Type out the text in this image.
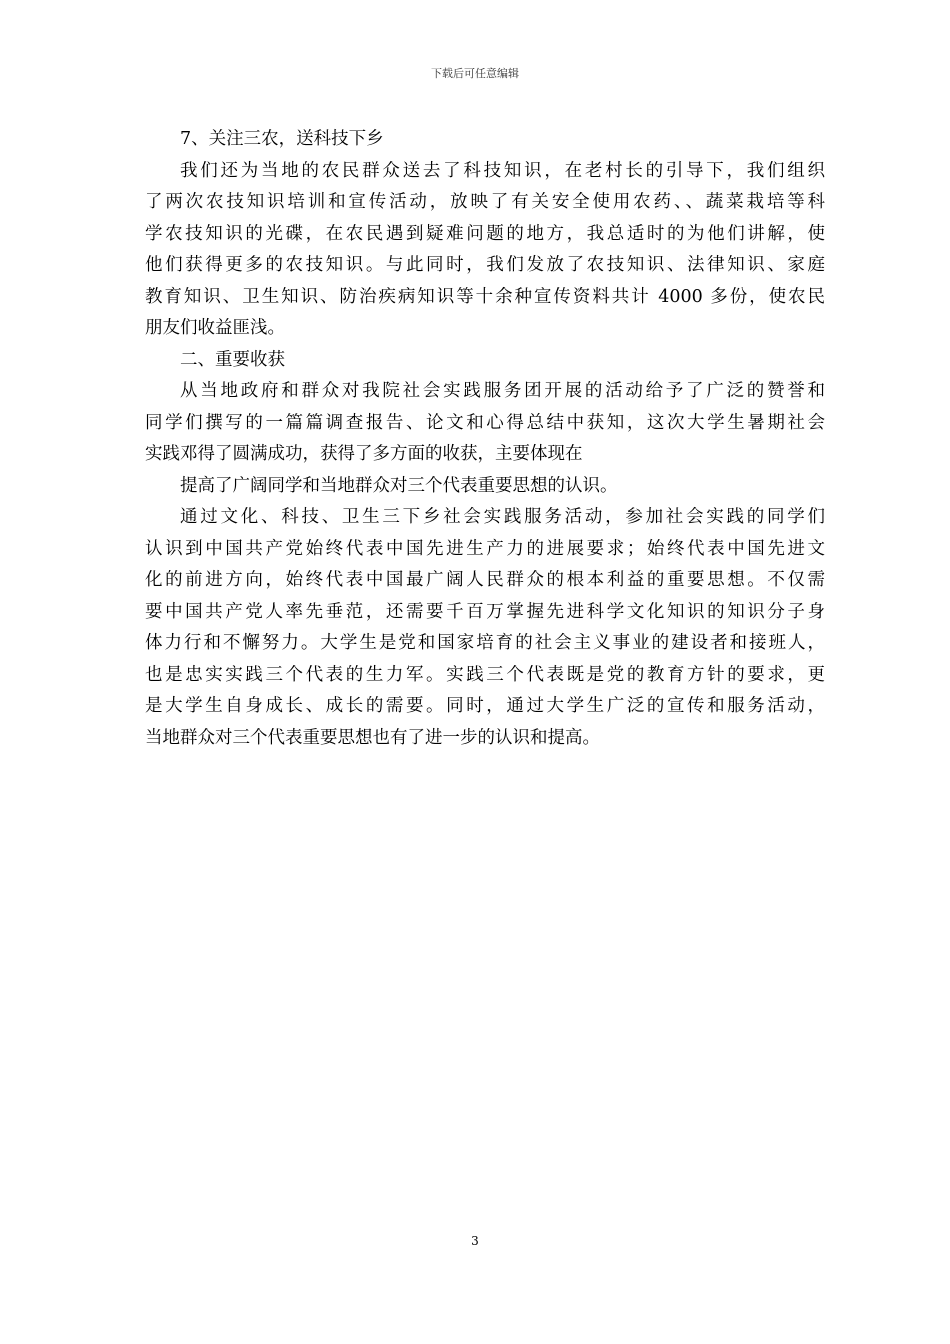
下载后可任意编辑
7、关注三农，送科技下乡
我们还为当地的农民群众送去了科技知识，在老村长的引导下，我们组织
了两次农技知识培训和宣传活动，放映了有关安全使用农药、、蔬菜栽培等科
学农技知识的光碟，在农民遇到疑难问题的地方，我总适时的为他们讲解，使
他们获得更多的农技知识。与此同时，我们发放了农技知识、法律知识、家庭
教育知识、卫生知识、防治疾病知识等十余种宣传资料共计 4000 多份，使农民
朋友们收益匪浅。
二、重要收获
从当地政府和群众对我院社会实践服务团开展的活动给予了广泛的赞誉和
同学们撰写的一篇篇调查报告、论文和心得总结中获知，这次大学生暑期社会
实践邓得了圆满成功，获得了多方面的收获，主要体现在
提高了广阔同学和当地群众对三个代表重要思想的认识。
通过文化、科技、卫生三下乡社会实践服务活动，参加社会实践的同学们
认识到中国共产党始终代表中国先进生产力的进展要求；始终代表中国先进文
化的前进方向，始终代表中国最广阔人民群众的根本利益的重要思想。不仅需
要中国共产党人率先垂范，还需要千百万掌握先进科学文化知识的知识分子身
体力行和不懈努力。大学生是党和国家培育的社会主义事业的建设者和接班人，
也是忠实实践三个代表的生力军。实践三个代表既是党的教育方针的要求，更
是大学生自身成长、成长的需要。同时，通过大学生广泛的宣传和服务活动，
当地群众对三个代表重要思想也有了进一步的认识和提高。
3
